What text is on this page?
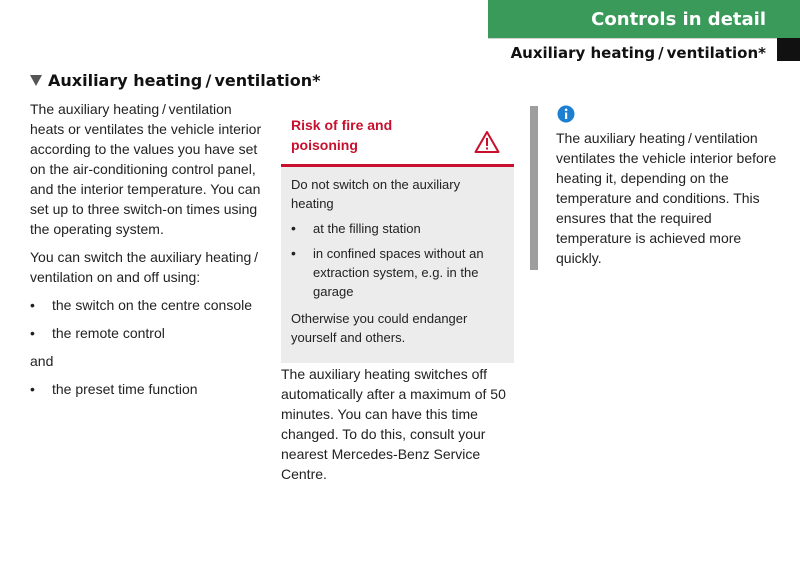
Controls in detail
Auxiliary heating / ventilation*
Auxiliary heating / ventilation*

The auxiliary heating / ventilation heats or ventilates the vehicle interior according to the values you have set on the air-conditioning control panel, and the interior temperature. You can set up to three switch-on times using the operating system.

You can switch the auxiliary heating / ventilation on and off using:

• the switch on the centre console
• the remote control

and

• the preset time function
Risk of fire and poisoning

Do not switch on the auxiliary heating

• at the filling station
• in confined spaces without an extraction system, e.g. in the garage

Otherwise you could endanger yourself and others.

The auxiliary heating switches off automatically after a maximum of 50 minutes. You can have this time changed. To do this, consult your nearest Mercedes-Benz Service Centre.

The auxiliary heating / ventilation ventilates the vehicle interior before heating it, depending on the temperature and conditions. This ensures that the required temperature is achieved more quickly.
